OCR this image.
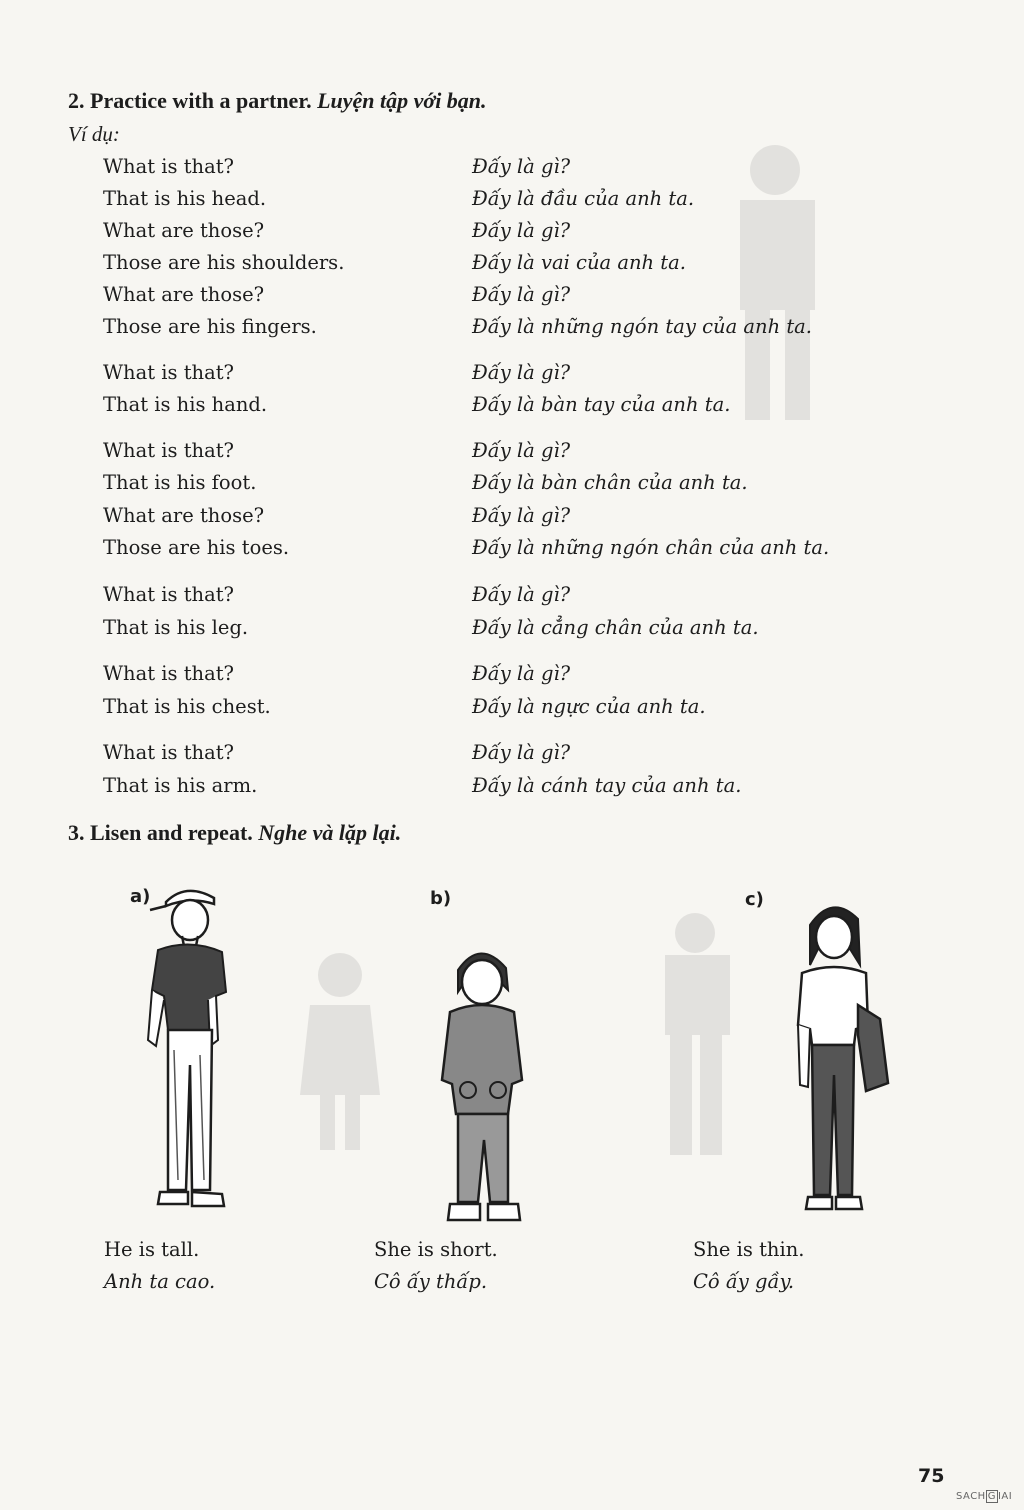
2. Practice with a partner. Luyện tập với bạn.
Ví dụ:
What is that?	Đấy là gì?
That is his head.	Đấy là đầu của anh ta.
What are those?	Đấy là gì?
Those are his shoulders.	Đấy là vai của anh ta.
What are those?	Đấy là gì?
Those are his fingers.	Đấy là những ngón tay của anh ta.
What is that?	Đấy là gì?
That is his hand.	Đấy là bàn tay của anh ta.
What is that?	Đấy là gì?
That is his foot.	Đấy là bàn chân của anh ta.
What are those?	Đấy là gì?
Those are his toes.	Đấy là những ngón chân của anh ta.
What is that?	Đấy là gì?
That is his leg.	Đấy là cẳng chân của anh ta.
What is that?	Đấy là gì?
That is his chest.	Đấy là ngực của anh ta.
What is that?	Đấy là gì?
That is his arm.	Đấy là cánh tay của anh ta.
3. Lisen and repeat. Nghe và lặp lại.
a)	b)	c)
He is tall.
Anh ta cao.
She is short.
Cô ấy thấp.
She is thin.
Cô ấy gầy.
75
SACH G IAI
